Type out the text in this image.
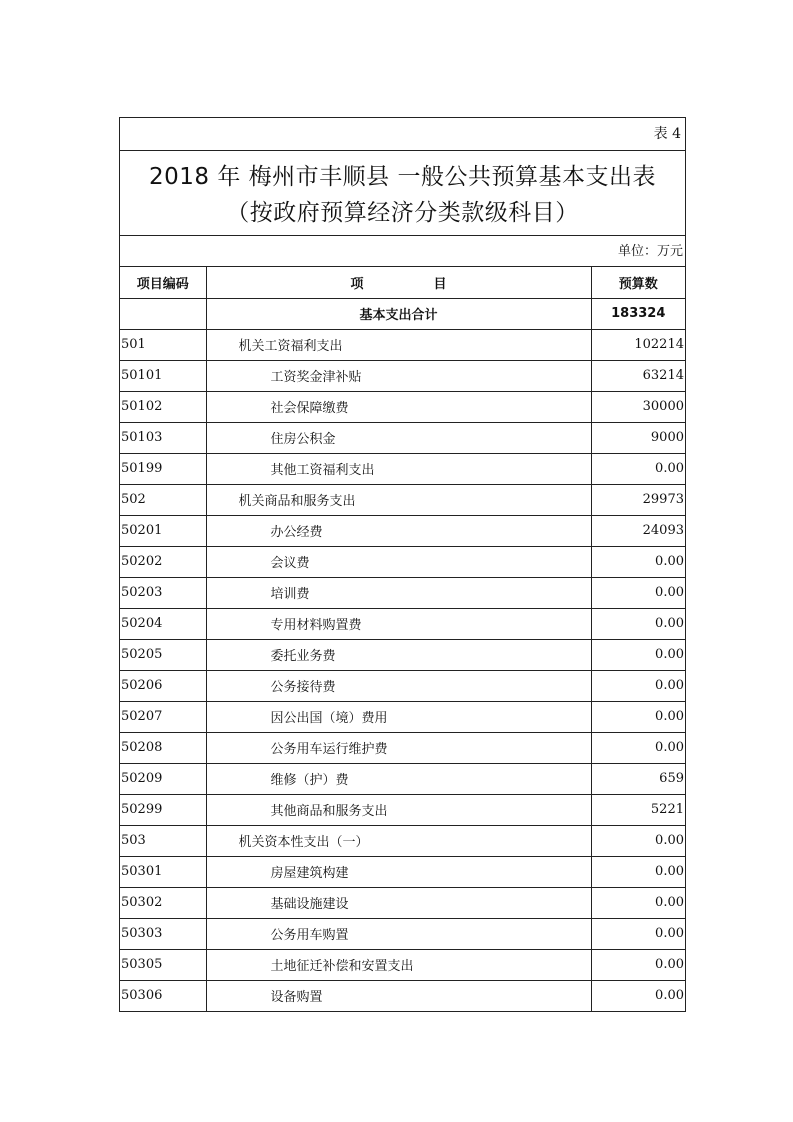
表 4
2018 年 梅州市丰顺县 一般公共预算基本支出表
（按政府预算经济分类款级科目）
单位：万元
项目编码	项 目	预算数
	基本支出合计	183324
501	机关工资福利支出	102214
50101	工资奖金津补贴	63214
50102	社会保障缴费	30000
50103	住房公积金	9000
50199	其他工资福利支出	0.00
502	机关商品和服务支出	29973
50201	办公经费	24093
50202	会议费	0.00
50203	培训费	0.00
50204	专用材料购置费	0.00
50205	委托业务费	0.00
50206	公务接待费	0.00
50207	因公出国（境）费用	0.00
50208	公务用车运行维护费	0.00
50209	维修（护）费	659
50299	其他商品和服务支出	5221
503	机关资本性支出（一）	0.00
50301	房屋建筑构建	0.00
50302	基础设施建设	0.00
50303	公务用车购置	0.00
50305	土地征迁补偿和安置支出	0.00
50306	设备购置	0.00
